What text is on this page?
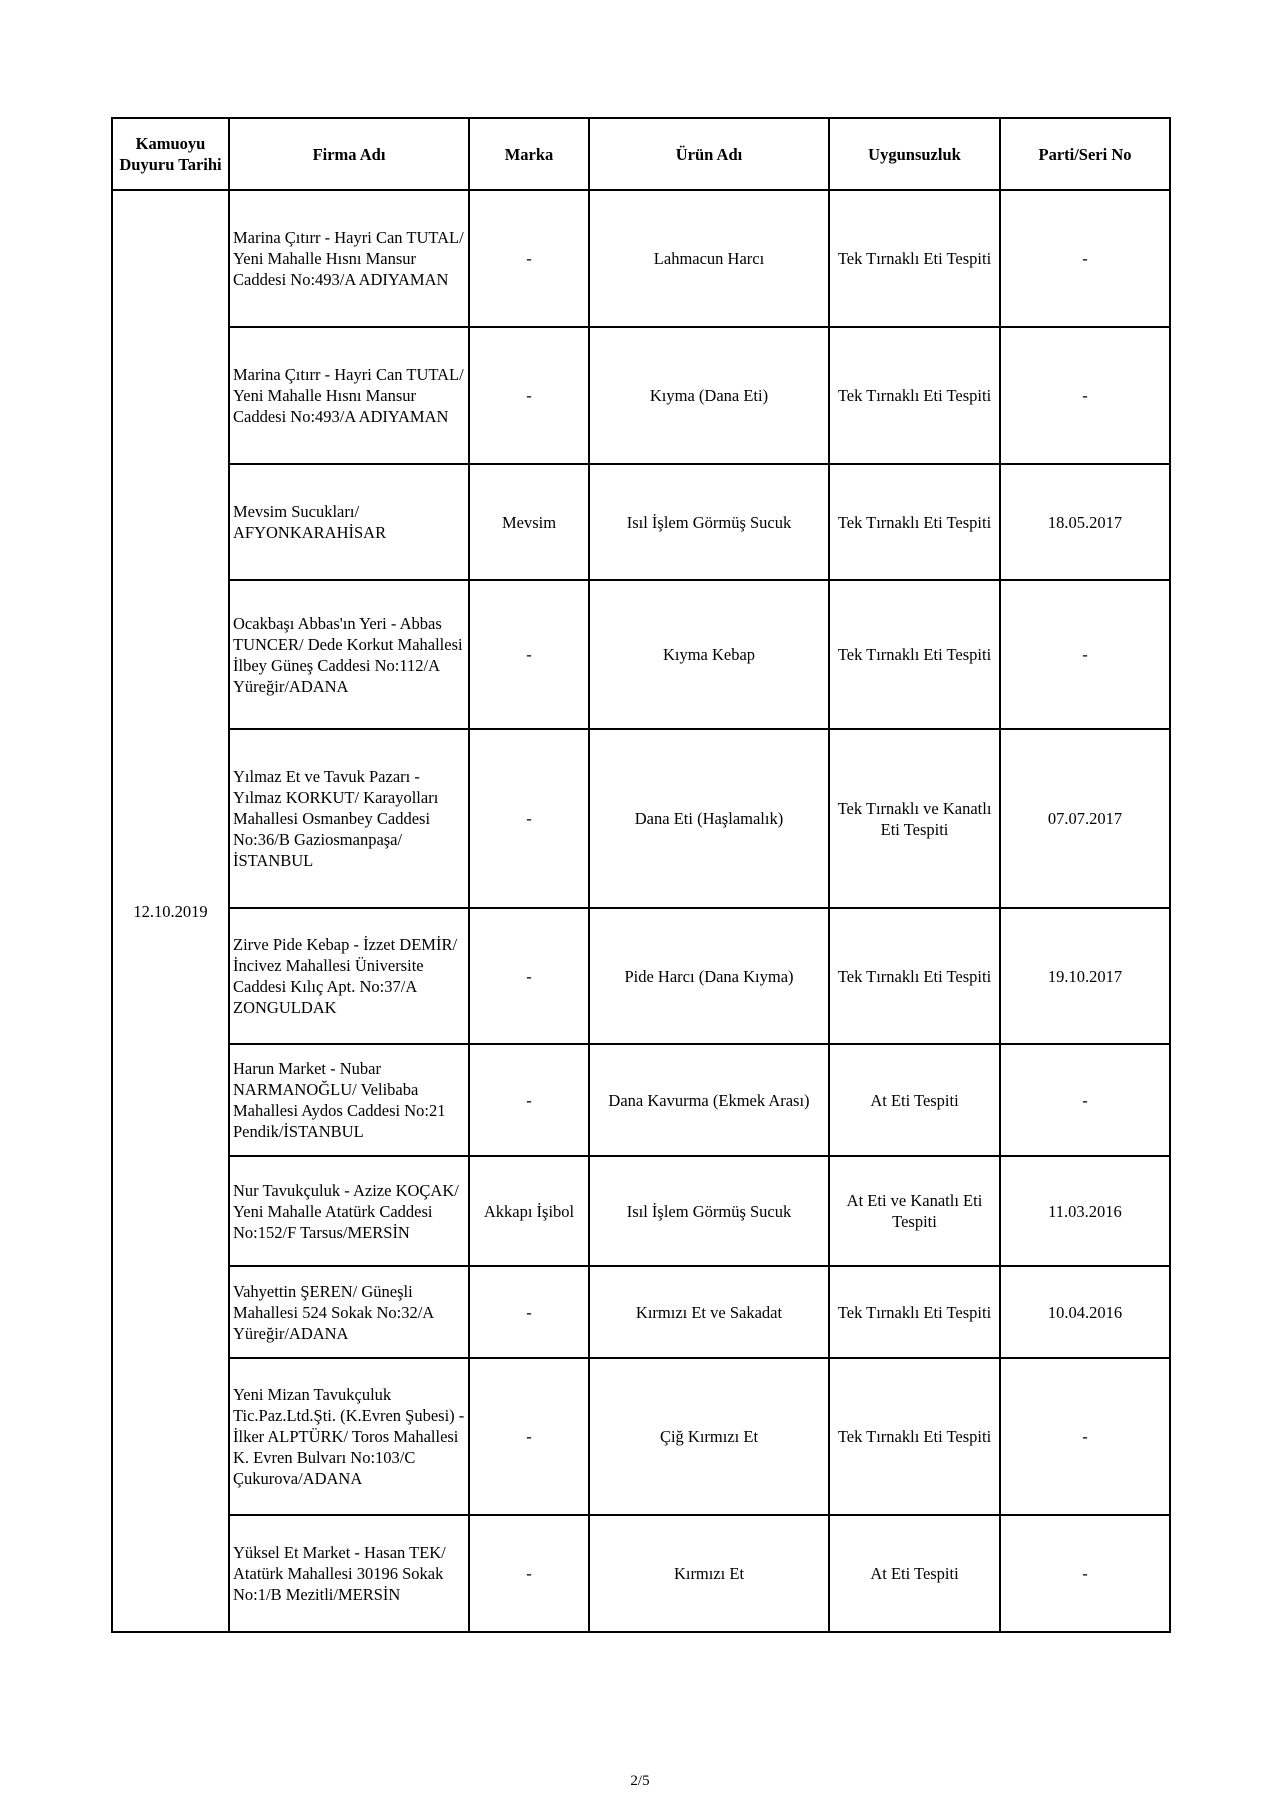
Kamuoyu Duyuru Tarihi	Firma Adı	Marka	Ürün Adı	Uygunsuzluk	Parti/Seri No
12.10.2019	Marina Çıtırr - Hayri Can TUTAL/ Yeni Mahalle Hısnı Mansur Caddesi No:493/A ADIYAMAN	-	Lahmacun Harcı	Tek Tırnaklı Eti Tespiti	-
	Marina Çıtırr - Hayri Can TUTAL/ Yeni Mahalle Hısnı Mansur Caddesi No:493/A ADIYAMAN	-	Kıyma (Dana Eti)	Tek Tırnaklı Eti Tespiti	-
	Mevsim Sucukları/ AFYONKARAHİSAR	Mevsim	Isıl İşlem Görmüş Sucuk	Tek Tırnaklı Eti Tespiti	18.05.2017
	Ocakbaşı Abbas'ın Yeri - Abbas TUNCER/ Dede Korkut Mahallesi İlbey Güneş Caddesi No:112/A Yüreğir/ADANA	-	Kıyma Kebap	Tek Tırnaklı Eti Tespiti	-
	Yılmaz Et ve Tavuk Pazarı - Yılmaz KORKUT/ Karayolları Mahallesi Osmanbey Caddesi No:36/B Gaziosmanpaşa/İSTANBUL	-	Dana Eti (Haşlamalık)	Tek Tırnaklı ve Kanatlı Eti Tespiti	07.07.2017
	Zirve Pide Kebap - İzzet DEMİR/ İncivez Mahallesi Üniversite Caddesi Kılıç Apt. No:37/A ZONGULDAK	-	Pide Harcı (Dana Kıyma)	Tek Tırnaklı Eti Tespiti	19.10.2017
	Harun Market - Nubar NARMANOĞLU/ Velibaba Mahallesi Aydos Caddesi No:21 Pendik/İSTANBUL	-	Dana Kavurma (Ekmek Arası)	At Eti Tespiti	-
	Nur Tavukçuluk - Azize KOÇAK/ Yeni Mahalle Atatürk Caddesi No:152/F Tarsus/MERSİN	Akkapı İşibol	Isıl İşlem Görmüş Sucuk	At Eti ve Kanatlı Eti Tespiti	11.03.2016
	Vahyettin ŞEREN/ Güneşli Mahallesi 524 Sokak No:32/A Yüreğir/ADANA	-	Kırmızı Et ve Sakadat	Tek Tırnaklı Eti Tespiti	10.04.2016
	Yeni Mizan Tavukçuluk Tic.Paz.Ltd.Şti. (K.Evren Şubesi) - İlker ALPTÜRK/ Toros Mahallesi K. Evren Bulvarı No:103/C Çukurova/ADANA	-	Çiğ Kırmızı Et	Tek Tırnaklı Eti Tespiti	-
	Yüksel Et Market - Hasan TEK/ Atatürk Mahallesi 30196 Sokak No:1/B Mezitli/MERSİN	-	Kırmızı Et	At Eti Tespiti	-
2/5
